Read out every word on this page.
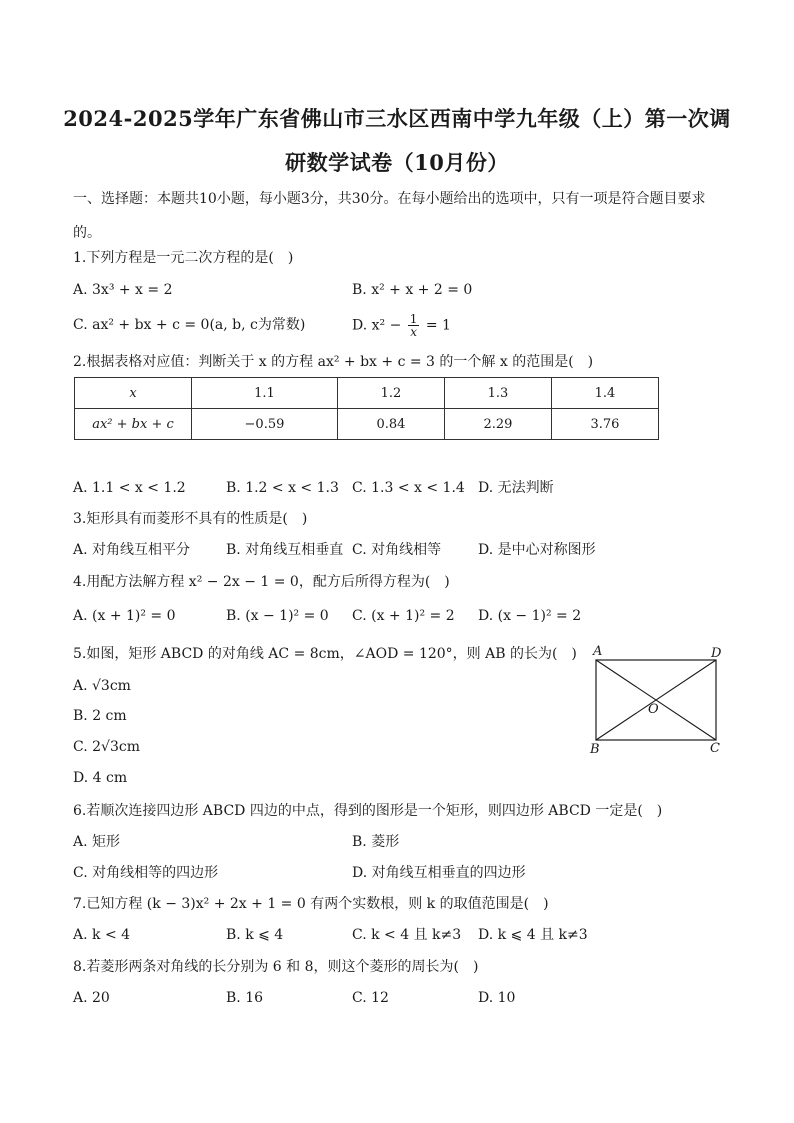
2024-2025学年广东省佛山市三水区西南中学九年级（上）第一次调
研数学试卷（10月份）
一、选择题：本题共10小题，每小题3分，共30分。在每小题给出的选项中，只有一项是符合题目要求的。
1.下列方程是一元二次方程的是(　)
A. 3x³ + x = 2	B. x² + x + 2 = 0
C. ax² + bx + c = 0(a, b, c为常数)	D. $x^2 - \frac{1}{x} = 1$
2.根据表格对应值：判断关于 x 的方程 ax² + bx + c = 3 的一个解 x 的范围是(　)
x	1.1	1.2	1.3	1.4
ax² + bx + c	−0.59	0.84	2.29	3.76
A. 1.1 < x < 1.2	B. 1.2 < x < 1.3 C. 1.3 < x < 1.4 D. 无法判断
3.矩形具有而菱形不具有的性质是(　)
A. 对角线互相平分	B. 对角线互相垂直 C. 对角线相等	D. 是中心对称图形
4.用配方法解方程 x² − 2x − 1 = 0，配方后所得方程为(　)
A. (x + 1)² = 0	B. (x − 1)² = 0 C. (x + 1)² = 2 D. (x − 1)² = 2
5.如图，矩形 ABCD 的对角线 AC = 8cm，∠AOD = 120°，则 AB 的长为(　)
A. √3cm
B. 2 cm
C. 2√3cm
D. 4 cm
A	D
B	C
O
6.若顺次连接四边形 ABCD 四边的中点，得到的图形是一个矩形，则四边形 ABCD 一定是(　)
A. 矩形	B. 菱形
C. 对角线相等的四边形	D. 对角线互相垂直的四边形
7.已知方程 (k − 3)x² + 2x + 1 = 0 有两个实数根，则 k 的取值范围是(　)
A. k < 4	B. k ⩽ 4	C. k < 4 且 k≠3 D. k ⩽ 4 且 k≠3
8.若菱形两条对角线的长分别为 6 和 8，则这个菱形的周长为(　)
A. 20	B. 16	C. 12	D. 10
